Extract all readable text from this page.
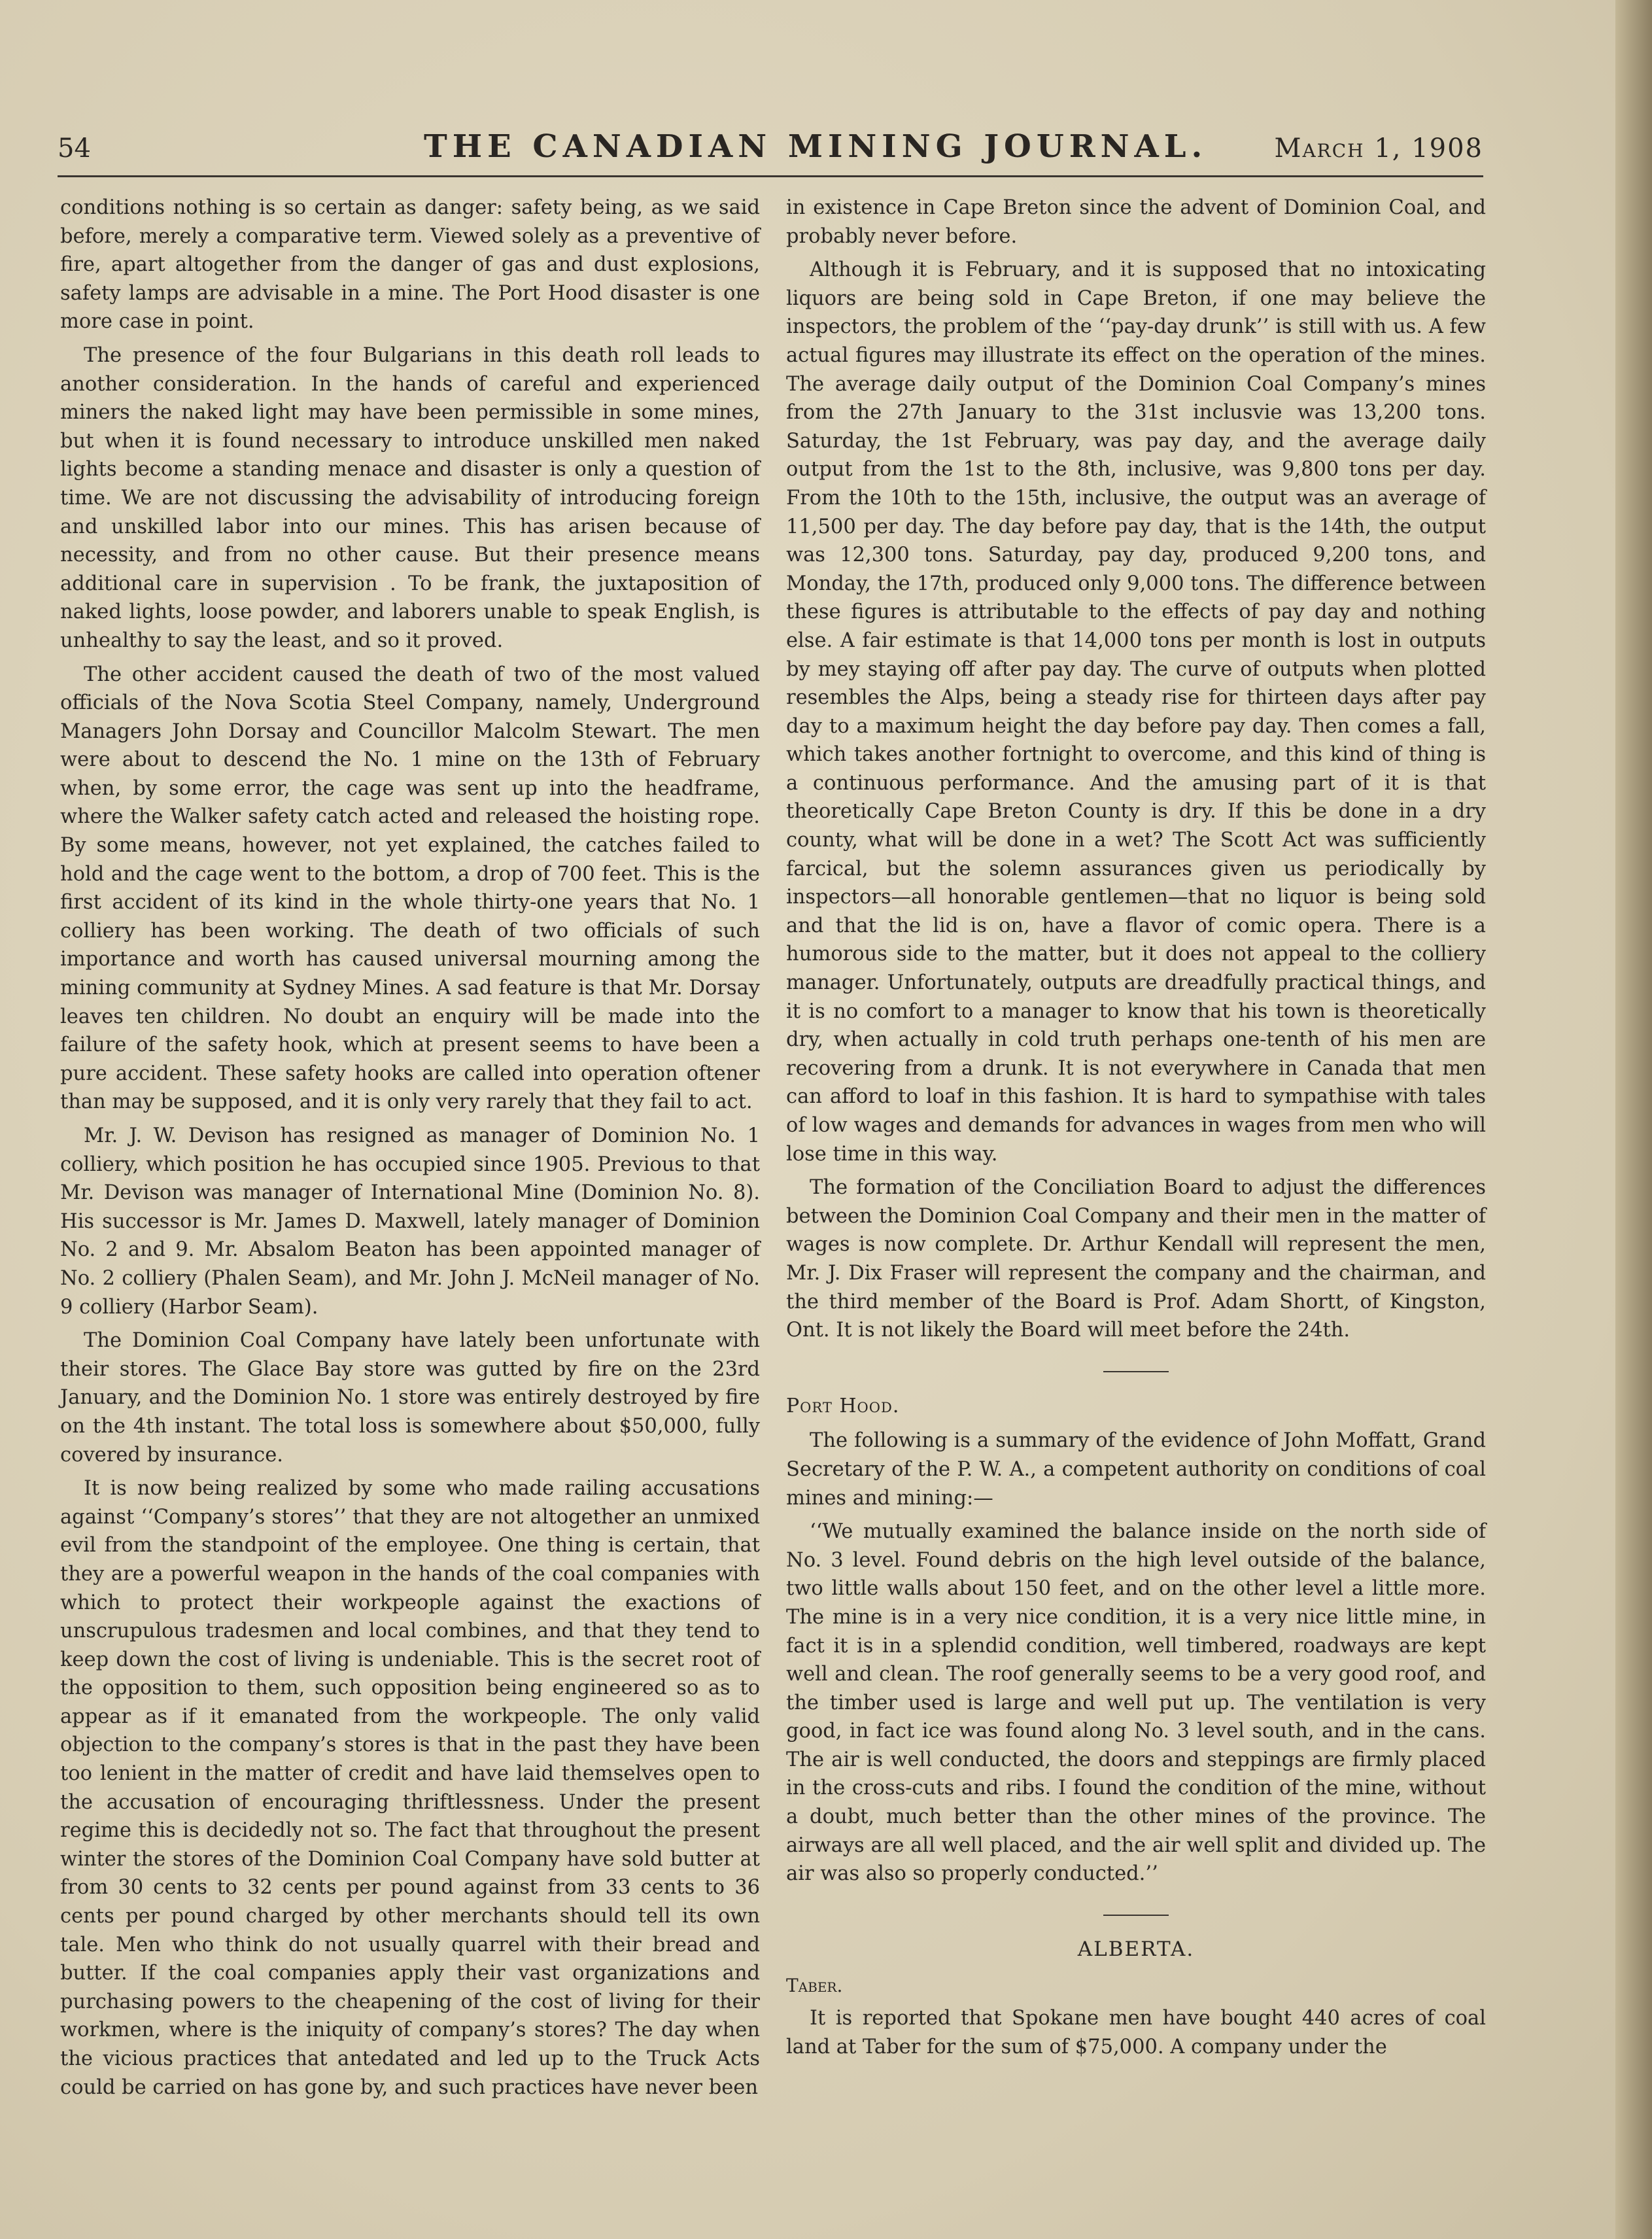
54	THE CANADIAN MINING JOURNAL.	March 1, 1908

conditions nothing is so certain as danger: safety being, as we said before, merely a comparative term. Viewed solely as a preventive of fire, apart altogether from the danger of gas and dust explosions, safety lamps are advisable in a mine. The Port Hood disaster is one more case in point.

The presence of the four Bulgarians in this death roll leads to another consideration. In the hands of careful and experienced miners the naked light may have been permissible in some mines, but when it is found necessary to introduce unskilled men naked lights become a standing menace and disaster is only a question of time. We are not discussing the advisability of introducing foreign and unskilled labor into our mines. This has arisen because of necessity, and from no other cause. But their presence means additional care in supervision . To be frank, the juxtaposition of naked lights, loose powder, and laborers unable to speak English, is unhealthy to say the least, and so it proved.

The other accident caused the death of two of the most valued officials of the Nova Scotia Steel Company, namely, Underground Managers John Dorsay and Councillor Malcolm Stewart. The men were about to descend the No. 1 mine on the 13th of February when, by some error, the cage was sent up into the headframe, where the Walker safety catch acted and released the hoisting rope. By some means, however, not yet explained, the catches failed to hold and the cage went to the bottom, a drop of 700 feet. This is the first accident of its kind in the whole thirty-one years that No. 1 colliery has been working. The death of two officials of such importance and worth has caused universal mourning among the mining community at Sydney Mines. A sad feature is that Mr. Dorsay leaves ten children. No doubt an enquiry will be made into the failure of the safety hook, which at present seems to have been a pure accident. These safety hooks are called into operation oftener than may be supposed, and it is only very rarely that they fail to act.

Mr. J. W. Devison has resigned as manager of Dominion No. 1 colliery, which position he has occupied since 1905. Previous to that Mr. Devison was manager of International Mine (Dominion No. 8). His successor is Mr. James D. Maxwell, lately manager of Dominion No. 2 and 9. Mr. Absalom Beaton has been appointed manager of No. 2 colliery (Phalen Seam), and Mr. John J. McNeil manager of No. 9 colliery (Harbor Seam).

The Dominion Coal Company have lately been unfortunate with their stores. The Glace Bay store was gutted by fire on the 23rd January, and the Dominion No. 1 store was entirely destroyed by fire on the 4th instant. The total loss is somewhere about $50,000, fully covered by insurance.

It is now being realized by some who made railing accusations against ‘‘Company’s stores’’ that they are not altogether an unmixed evil from the standpoint of the employee. One thing is certain, that they are a powerful weapon in the hands of the coal companies with which to protect their workpeople against the exactions of unscrupulous tradesmen and local combines, and that they tend to keep down the cost of living is undeniable. This is the secret root of the opposition to them, such opposition being engineered so as to appear as if it emanated from the workpeople. The only valid objection to the company’s stores is that in the past they have been too lenient in the matter of credit and have laid themselves open to the accusation of encouraging thriftlessness. Under the present regime this is decidedly not so. The fact that throughout the present winter the stores of the Dominion Coal Company have sold butter at from 30 cents to 32 cents per pound against from 33 cents to 36 cents per pound charged by other merchants should tell its own tale. Men who think do not usually quarrel with their bread and butter. If the coal companies apply their vast organizations and purchasing powers to the cheapening of the cost of living for their workmen, where is the iniquity of company’s stores? The day when the vicious practices that antedated and led up to the Truck Acts could be carried on has gone by, and such practices have never been

in existence in Cape Breton since the advent of Dominion Coal, and probably never before.

Although it is February, and it is supposed that no intoxicating liquors are being sold in Cape Breton, if one may believe the inspectors, the problem of the ‘‘pay-day drunk’’ is still with us. A few actual figures may illustrate its effect on the operation of the mines. The average daily output of the Dominion Coal Company’s mines from the 27th January to the 31st inclusvie was 13,200 tons. Saturday, the 1st February, was pay day, and the average daily output from the 1st to the 8th, inclusive, was 9,800 tons per day. From the 10th to the 15th, inclusive, the output was an average of 11,500 per day. The day before pay day, that is the 14th, the output was 12,300 tons. Saturday, pay day, produced 9,200 tons, and Monday, the 17th, produced only 9,000 tons. The difference between these figures is attributable to the effects of pay day and nothing else. A fair estimate is that 14,000 tons per month is lost in outputs by mey staying off after pay day. The curve of outputs when plotted resembles the Alps, being a steady rise for thirteen days after pay day to a maximum height the day before pay day. Then comes a fall, which takes another fortnight to overcome, and this kind of thing is a continuous performance. And the amusing part of it is that theoretically Cape Breton County is dry. If this be done in a dry county, what will be done in a wet? The Scott Act was sufficiently farcical, but the solemn assurances given us periodically by inspectors—all honorable gentlemen—that no liquor is being sold and that the lid is on, have a flavor of comic opera. There is a humorous side to the matter, but it does not appeal to the colliery manager. Unfortunately, outputs are dreadfully practical things, and it is no comfort to a manager to know that his town is theoretically dry, when actually in cold truth perhaps one-tenth of his men are recovering from a drunk. It is not everywhere in Canada that men can afford to loaf in this fashion. It is hard to sympathise with tales of low wages and demands for advances in wages from men who will lose time in this way.

The formation of the Conciliation Board to adjust the differences between the Dominion Coal Company and their men in the matter of wages is now complete. Dr. Arthur Kendall will represent the men, Mr. J. Dix Fraser will represent the company and the chairman, and the third member of the Board is Prof. Adam Shortt, of Kingston, Ont. It is not likely the Board will meet before the 24th.

Port Hood.

The following is a summary of the evidence of John Moffatt, Grand Secretary of the P. W. A., a competent authority on conditions of coal mines and mining:—

‘‘We mutually examined the balance inside on the north side of No. 3 level. Found debris on the high level outside of the balance, two little walls about 150 feet, and on the other level a little more. The mine is in a very nice condition, it is a very nice little mine, in fact it is in a splendid condition, well timbered, roadways are kept well and clean. The roof generally seems to be a very good roof, and the timber used is large and well put up. The ventilation is very good, in fact ice was found along No. 3 level south, and in the cans. The air is well conducted, the doors and steppings are firmly placed in the cross-cuts and ribs. I found the condition of the mine, without a doubt, much better than the other mines of the province. The airways are all well placed, and the air well split and divided up. The air was also so properly conducted.’’

ALBERTA.
Taber.

It is reported that Spokane men have bought 440 acres of coal land at Taber for the sum of $75,000. A company under the
